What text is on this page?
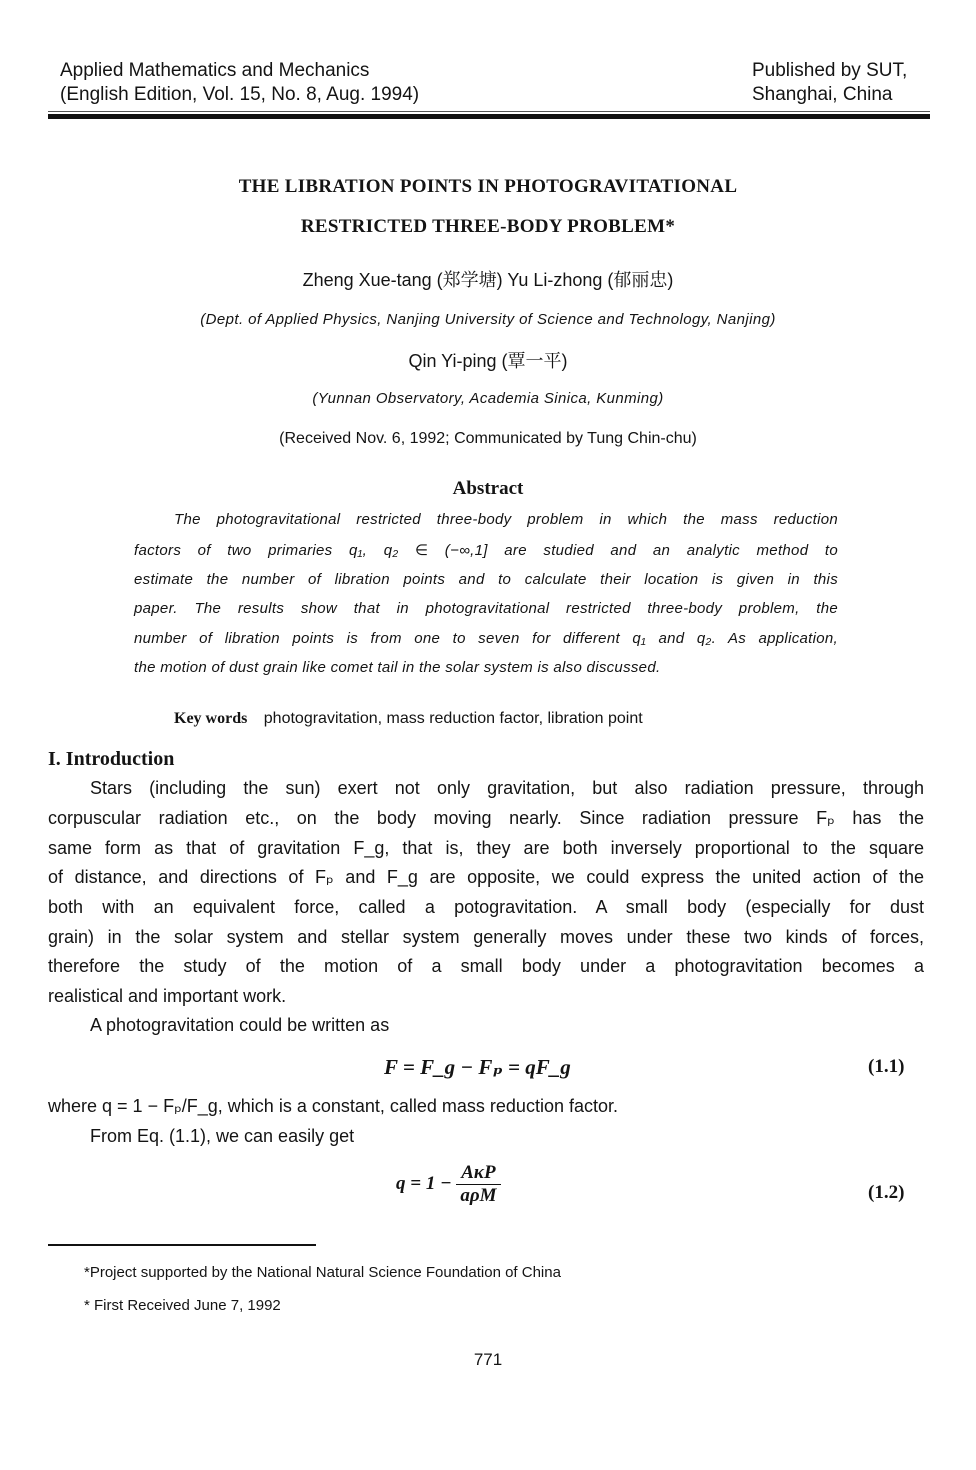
Applied Mathematics and Mechanics
(English Edition, Vol. 15, No. 8, Aug. 1994)
Published by SUT,
Shanghai, China
THE LIBRATION POINTS IN PHOTOGRAVITATIONAL
RESTRICTED THREE-BODY PROBLEM*
Zheng Xue-tang (郑学塘) Yu Li-zhong (郁丽忠)
(Dept. of Applied Physics, Nanjing University of Science and Technology, Nanjing)
Qin Yi-ping (覃一平)
(Yunnan Observatory, Academia Sinica, Kunming)
(Received Nov. 6, 1992; Communicated by Tung Chin-chu)
Abstract
The photogravitational restricted three-body problem in which the mass reduction
factors of two primaries q₁, q₂ ∈ (−∞,1] are studied and an analytic method to
estimate the number of libration points and to calculate their location is given in this
paper. The results show that in photogravitational restricted three-body problem, the
number of libration points is from one to seven for different q₁ and q₂. As application,
the motion of dust grain like comet tail in the solar system is also discussed.
Key words photogravitation, mass reduction factor, libration point
I. Introduction
Stars (including the sun) exert not only gravitation, but also radiation pressure, through
corpuscular radiation etc., on the body moving nearly. Since radiation pressure Fₚ has the
same form as that of gravitation F_g, that is, they are both inversely proportional to the square
of distance, and directions of Fₚ and F_g are opposite, we could express the united action of the
both with an equivalent force, called a potogravitation. A small body (especially for dust
grain) in the solar system and stellar system generally moves under these two kinds of forces,
therefore the study of the motion of a small body under a photogravitation becomes a
realistical and important work.
A photogravitation could be written as
F = F_g − Fₚ = qF_g	(1.1)
where q = 1 − Fₚ/F_g, which is a constant, called mass reduction factor.
From Eq. (1.1), we can easily get
$q = 1 - \frac{\text{AκP}}{\text{aρM}}$	(1.2)
*Project supported by the National Natural Science Foundation of China
* First Received June 7, 1992
771
